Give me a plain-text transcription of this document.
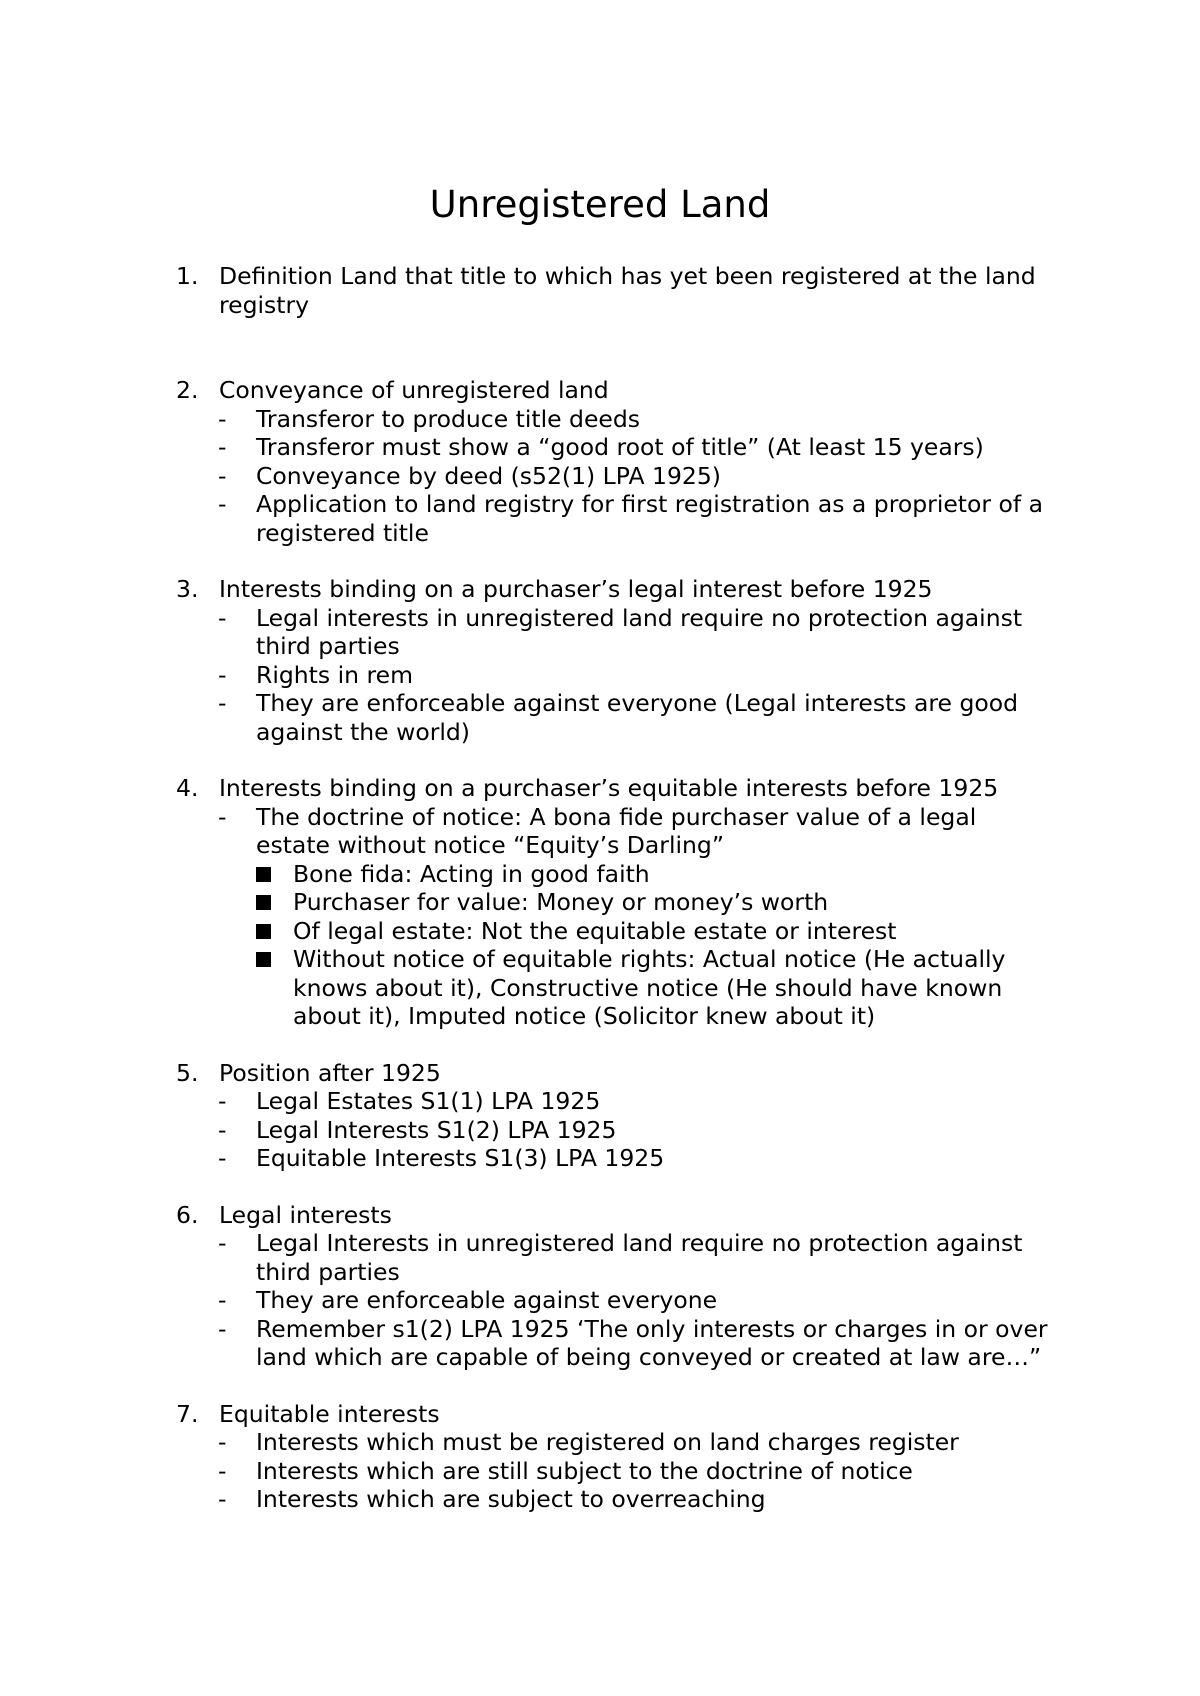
Unregistered Land
1. Definition Land that title to which has yet been registered at the land registry
2. Conveyance of unregistered land
-	Transferor to produce title deeds
-	Transferor must show a “good root of title” (At least 15 years)
-	Conveyance by deed (s52(1) LPA 1925)
-	Application to land registry for first registration as a proprietor of a registered title
3. Interests binding on a purchaser’s legal interest before 1925
-	Legal interests in unregistered land require no protection against third parties
-	Rights in rem
-	They are enforceable against everyone (Legal interests are good against the world)
4. Interests binding on a purchaser’s equitable interests before 1925
-	The doctrine of notice: A bona fide purchaser value of a legal estate without notice “Equity’s Darling”
Bone fida: Acting in good faith
Purchaser for value: Money or money’s worth
Of legal estate: Not the equitable estate or interest
Without notice of equitable rights: Actual notice (He actually knows about it), Constructive notice (He should have known about it), Imputed notice (Solicitor knew about it)
5. Position after 1925
-	Legal Estates S1(1) LPA 1925
-	Legal Interests S1(2) LPA 1925
-	Equitable Interests S1(3) LPA 1925
6. Legal interests
-	Legal Interests in unregistered land require no protection against third parties
-	They are enforceable against everyone
-	Remember s1(2) LPA 1925 ‘The only interests or charges in or over land which are capable of being conveyed or created at law are…”
7. Equitable interests
-	Interests which must be registered on land charges register
-	Interests which are still subject to the doctrine of notice
-	Interests which are subject to overreaching
